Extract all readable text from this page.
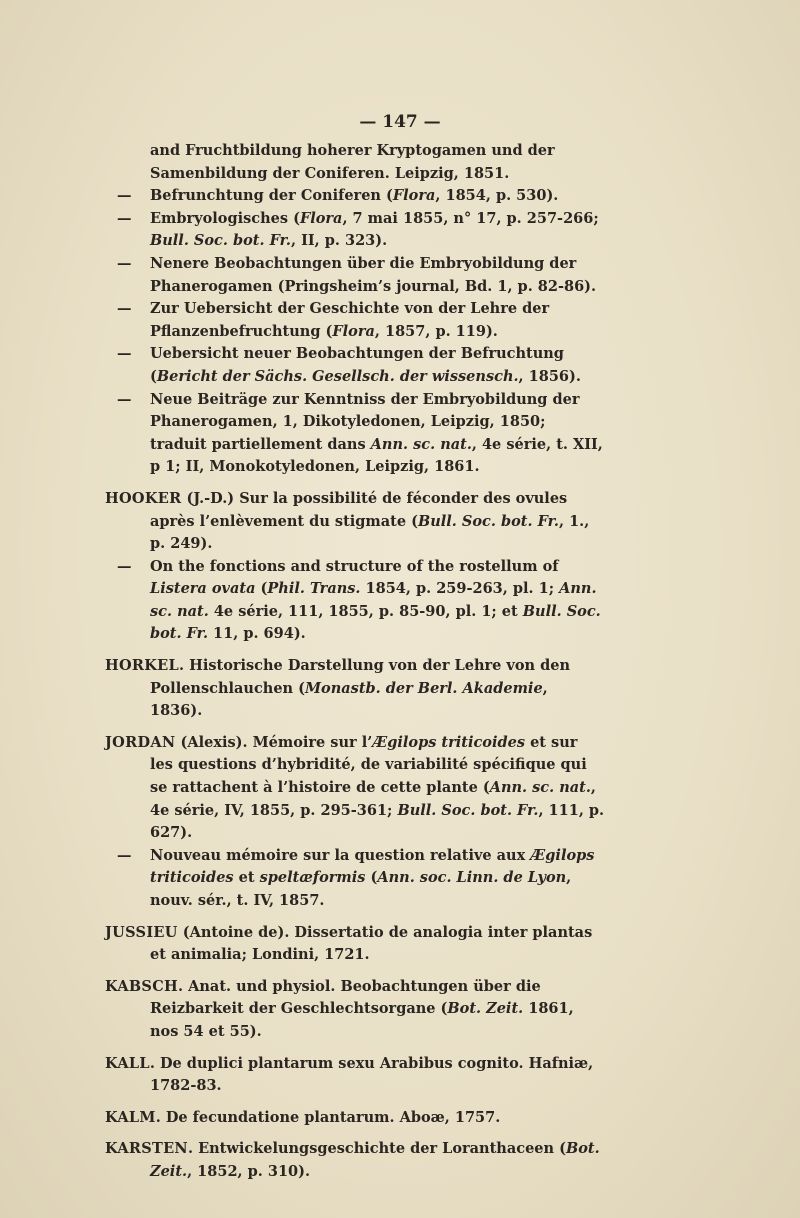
— 147 —

and Fruchtbildung hoherer Kryptogamen und der Samenbildung der Coniferen. Leipzig, 1851.

— Befrunchtung der Coniferen (Flora, 1854, p. 530).

— Embryologisches (Flora, 7 mai 1855, n° 17, p. 257-266; Bull. Soc. bot. Fr., II, p. 323).

— Nenere Beobachtungen über die Embryobildung der Phanerogamen (Pringsheim’s journal, Bd. 1, p. 82-86).

— Zur Uebersicht der Geschichte von der Lehre der Pflanzenbefruchtung (Flora, 1857, p. 119).

— Uebersicht neuer Beobachtungen der Befruchtung (Bericht der Sächs. Gesellsch. der wissensch., 1856).

— Neue Beiträge zur Kenntniss der Embryobildung der Phanerogamen, 1, Dikotyledonen, Leipzig, 1850; traduit partiellement dans Ann. sc. nat., 4e série, t. XII, p 1; II, Monokotyledonen, Leipzig, 1861.

HOOKER (J.-D.) Sur la possibilité de féconder des ovules après l’enlèvement du stigmate (Bull. Soc. bot. Fr., 1., p. 249).

— On the fonctions and structure of the rostellum of Listera ovata (Phil. Trans. 1854, p. 259-263, pl. 1; Ann. sc. nat. 4e série, 111, 1855, p. 85-90, pl. 1; et Bull. Soc. bot. Fr. 11, p. 694).

HORKEL. Historische Darstellung von der Lehre von den Pollenschlauchen (Monastb. der Berl. Akademie, 1836).

JORDAN (Alexis). Mémoire sur l’Ægilops triticoides et sur les questions d’hybridité, de variabilité spécifique qui se rattachent à l’histoire de cette plante (Ann. sc. nat., 4e série, IV, 1855, p. 295-361; Bull. Soc. bot. Fr., 111, p. 627).

— Nouveau mémoire sur la question relative aux Ægilops triticoides et speltæformis (Ann. soc. Linn. de Lyon, nouv. sér., t. IV, 1857.

JUSSIEU (Antoine de). Dissertatio de analogia inter plantas et animalia; Londini, 1721.

KABSCH. Anat. und physiol. Beobachtungen über die Reizbarkeit der Geschlechtsorgane (Bot. Zeit. 1861, nos 54 et 55).

KALL. De duplici plantarum sexu Arabibus cognito. Hafniæ, 1782-83.

KALM. De fecundatione plantarum. Aboæ, 1757.

KARSTEN. Entwickelungsgeschichte der Loranthaceen (Bot. Zeit., 1852, p. 310).
